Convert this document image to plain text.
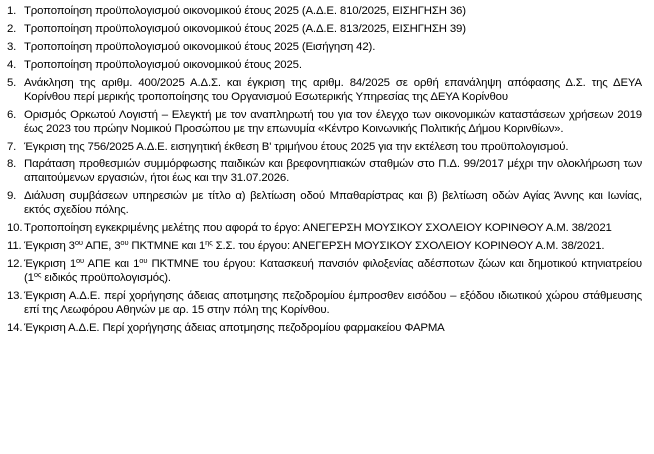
1. Τροποποίηση προϋπολογισμού οικονομικού έτους 2025 (Α.Δ.Ε. 810/2025, ΕΙΣΗΓΗΣΗ 36)
2. Τροποποίηση προϋπολογισμού οικονομικού έτους 2025 (Α.Δ.Ε. 813/2025, ΕΙΣΗΓΗΣΗ 39)
3. Τροποποίηση προϋπολογισμού οικονομικού έτους 2025 (Εισήγηση 42).
4. Τροποποίηση προϋπολογισμού οικονομικού έτους 2025.
5. Ανάκληση της αριθμ. 400/2025 Α.Δ.Σ. και έγκριση της αριθμ. 84/2025 σε ορθή επανάληψη απόφασης Δ.Σ. της ΔΕΥΑ Κορίνθου περί μερικής τροποποίησης του Οργανισμού Εσωτερικής Υπηρεσίας της ΔΕΥΑ Κορίνθου
6. Ορισμός Ορκωτού Λογιστή – Ελεγκτή με τον αναπληρωτή του για τον έλεγχο των οικονομικών καταστάσεων χρήσεων 2019 έως 2023 του πρώην Νομικού Προσώπου με την επωνυμία «Κέντρο Κοινωνικής Πολιτικής Δήμου Κορινθίων».
7. Έγκριση της 756/2025 Α.Δ.Ε. εισηγητική έκθεση Β' τριμήνου έτους 2025 για την εκτέλεση του προϋπολογισμού.
8. Παράταση προθεσμιών συμμόρφωσης παιδικών και βρεφονηπιακών σταθμών στο Π.Δ. 99/2017 μέχρι την ολοκλήρωση των απαιτούμενων εργασιών, ήτοι έως και την 31.07.2026.
9. Διάλυση συμβάσεων υπηρεσιών με τίτλο α) βελτίωση οδού Μπαθαρίστρας και β) βελτίωση οδών Αγίας Άννης και Ιωνίας, εκτός σχεδίου πόλης.
10. Τροποποίηση εγκεκριμένης μελέτης που αφορά το έργο: ΑΝΕΓΕΡΣΗ ΜΟΥΣΙΚΟΥ ΣΧΟΛΕΙΟΥ ΚΟΡΙΝΘΟΥ Α.Μ. 38/2021
11. Έγκριση $3^{o\upsilon}$ ΑΠΕ, $3^{o\upsilon}$ ΠΚΤΜΝΕ και $1^{\eta\varsigma}$ Σ.Σ. του έργου: ΑΝΕΓΕΡΣΗ ΜΟΥΣΙΚΟΥ ΣΧΟΛΕΙΟΥ ΚΟΡΙΝΘΟΥ Α.Μ. 38/2021.
12. Έγκριση $1^{o\upsilon}$ ΑΠΕ και $1^{o\upsilon}$ ΠΚΤΜΝΕ του έργου: Κατασκευή πανσιόν φιλοξενίας αδέσποτων ζώων και δημοτικού κτηνιατρείου ($1^{o\varsigma}$ ειδικός προϋπολογισμός).
13. Έγκριση Α.Δ.Ε. περί χορήγησης άδειας αποτμησης πεζοδρομίου έμπροσθεν εισόδου – εξόδου ιδιωτικού χώρου στάθμευσης επί της Λεωφόρου Αθηνών με αρ. 15 στην πόλη της Κορίνθου.
14. Έγκριση Α.Δ.Ε. Περί χορήγησης άδειας αποτμησης πεζοδρομίου φαρμακείου ΦΑΡΜΑ
